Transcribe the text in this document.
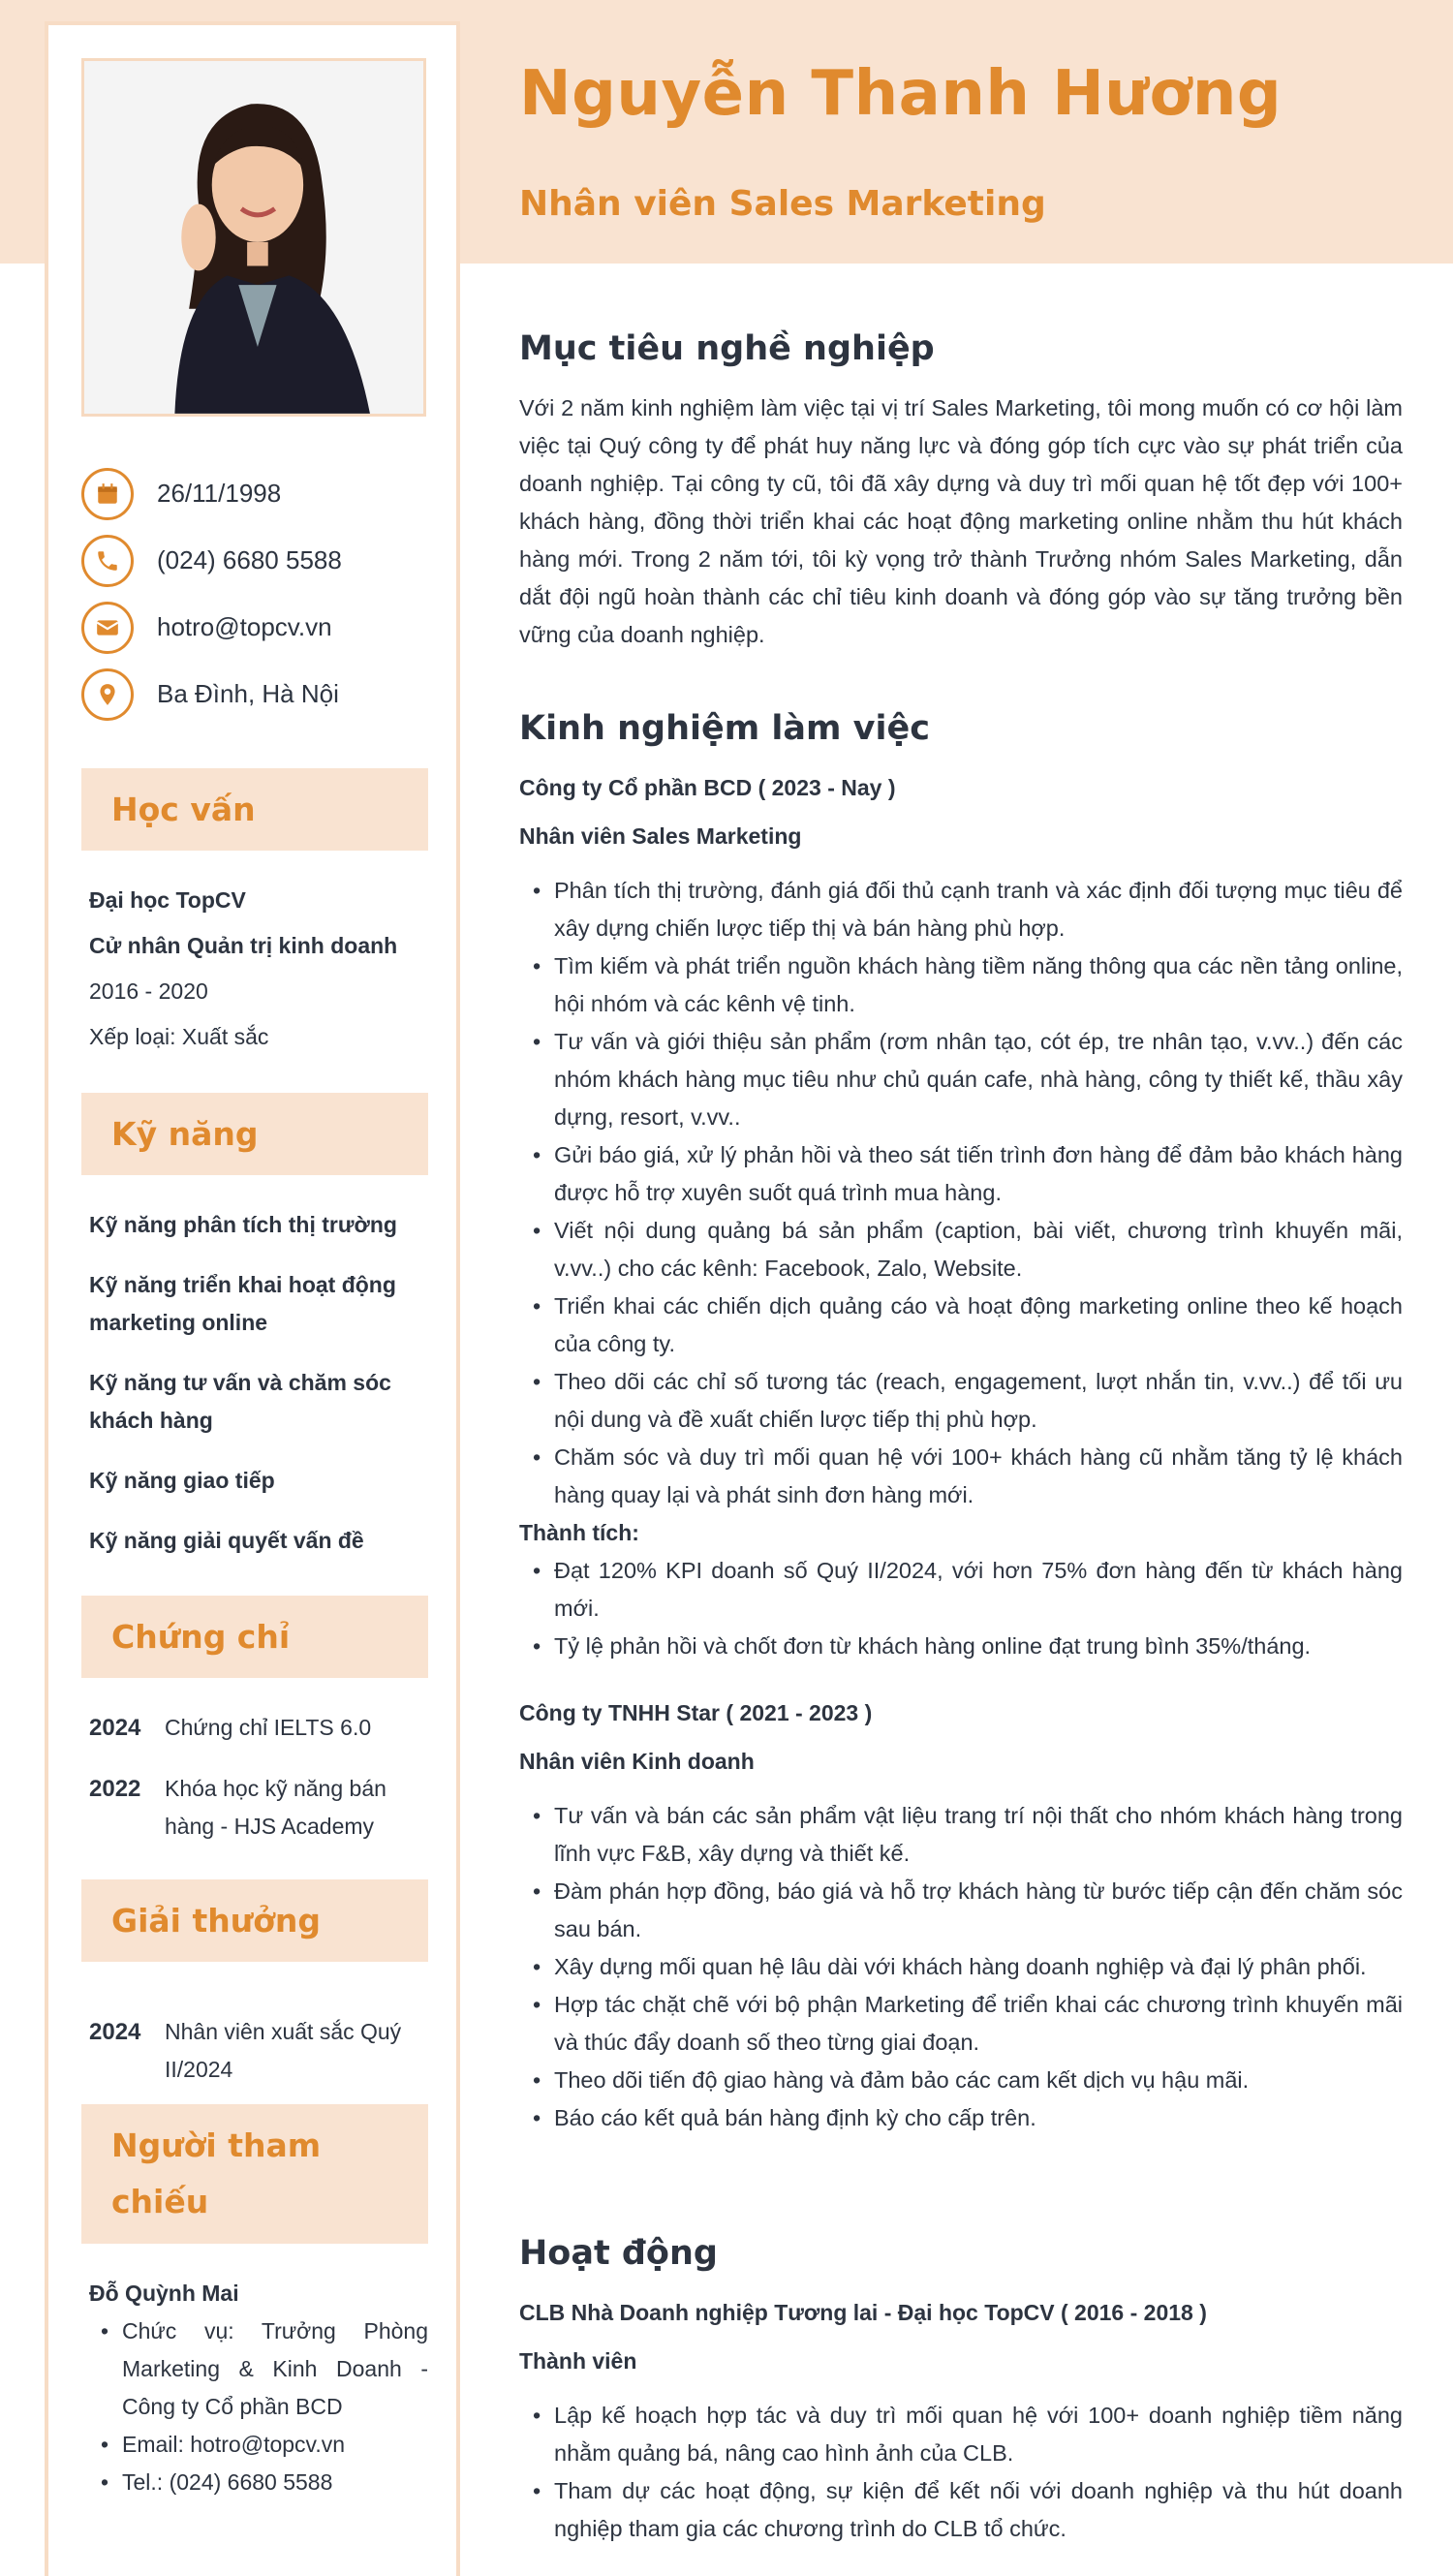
26/11/1998
(024) 6680 5588
hotro@topcv.vn
Ba Đình, Hà Nội
Học vấn
Đại học TopCV
Cử nhân Quản trị kinh doanh
2016 - 2020
Xếp loại: Xuất sắc
Kỹ năng
Kỹ năng phân tích thị trường
Kỹ năng triển khai hoạt động marketing online
Kỹ năng tư vấn và chăm sóc khách hàng
Kỹ năng giao tiếp
Kỹ năng giải quyết vấn đề
Chứng chỉ
2024	Chứng chỉ IELTS 6.0
2022	Khóa học kỹ năng bán hàng - HJS Academy
Giải thưởng
2024	Nhân viên xuất sắc Quý II/2024
Người tham chiếu
Đỗ Quỳnh Mai
• Chức vụ: Trưởng Phòng Marketing & Kinh Doanh - Công ty Cổ phần BCD
• Email: hotro@topcv.vn
• Tel.: (024) 6680 5588
Nguyễn Thanh Hương
Nhân viên Sales Marketing
Mục tiêu nghề nghiệp
Với 2 năm kinh nghiệm làm việc tại vị trí Sales Marketing, tôi mong muốn có cơ hội làm việc tại Quý công ty để phát huy năng lực và đóng góp tích cực vào sự phát triển của doanh nghiệp. Tại công ty cũ, tôi đã xây dựng và duy trì mối quan hệ tốt đẹp với 100+ khách hàng, đồng thời triển khai các hoạt động marketing online nhằm thu hút khách hàng mới. Trong 2 năm tới, tôi kỳ vọng trở thành Trưởng nhóm Sales Marketing, dẫn dắt đội ngũ hoàn thành các chỉ tiêu kinh doanh và đóng góp vào sự tăng trưởng bền vững của doanh nghiệp.
Kinh nghiệm làm việc
Công ty Cổ phần BCD ( 2023 - Nay )
Nhân viên Sales Marketing
• Phân tích thị trường, đánh giá đối thủ cạnh tranh và xác định đối tượng mục tiêu để xây dựng chiến lược tiếp thị và bán hàng phù hợp.
• Tìm kiếm và phát triển nguồn khách hàng tiềm năng thông qua các nền tảng online, hội nhóm và các kênh vệ tinh.
• Tư vấn và giới thiệu sản phẩm (rơm nhân tạo, cót ép, tre nhân tạo, v.vv..) đến các nhóm khách hàng mục tiêu như chủ quán cafe, nhà hàng, công ty thiết kế, thầu xây dựng, resort, v.vv..
• Gửi báo giá, xử lý phản hồi và theo sát tiến trình đơn hàng để đảm bảo khách hàng được hỗ trợ xuyên suốt quá trình mua hàng.
• Viết nội dung quảng bá sản phẩm (caption, bài viết, chương trình khuyến mãi, v.vv..) cho các kênh: Facebook, Zalo, Website.
• Triển khai các chiến dịch quảng cáo và hoạt động marketing online theo kế hoạch của công ty.
• Theo dõi các chỉ số tương tác (reach, engagement, lượt nhắn tin, v.vv..) để tối ưu nội dung và đề xuất chiến lược tiếp thị phù hợp.
• Chăm sóc và duy trì mối quan hệ với 100+ khách hàng cũ nhằm tăng tỷ lệ khách hàng quay lại và phát sinh đơn hàng mới.
Thành tích:
• Đạt 120% KPI doanh số Quý II/2024, với hơn 75% đơn hàng đến từ khách hàng mới.
• Tỷ lệ phản hồi và chốt đơn từ khách hàng online đạt trung bình 35%/tháng.
Công ty TNHH Star ( 2021 - 2023 )
Nhân viên Kinh doanh
• Tư vấn và bán các sản phẩm vật liệu trang trí nội thất cho nhóm khách hàng trong lĩnh vực F&B, xây dựng và thiết kế.
• Đàm phán hợp đồng, báo giá và hỗ trợ khách hàng từ bước tiếp cận đến chăm sóc sau bán.
• Xây dựng mối quan hệ lâu dài với khách hàng doanh nghiệp và đại lý phân phối.
• Hợp tác chặt chẽ với bộ phận Marketing để triển khai các chương trình khuyến mãi và thúc đẩy doanh số theo từng giai đoạn.
• Theo dõi tiến độ giao hàng và đảm bảo các cam kết dịch vụ hậu mãi.
• Báo cáo kết quả bán hàng định kỳ cho cấp trên.
Hoạt động
CLB Nhà Doanh nghiệp Tương lai - Đại học TopCV ( 2016 - 2018 )
Thành viên
• Lập kế hoạch hợp tác và duy trì mối quan hệ với 100+ doanh nghiệp tiềm năng nhằm quảng bá, nâng cao hình ảnh của CLB.
• Tham dự các hoạt động, sự kiện để kết nối với doanh nghiệp và thu hút doanh nghiệp tham gia các chương trình do CLB tổ chức.
